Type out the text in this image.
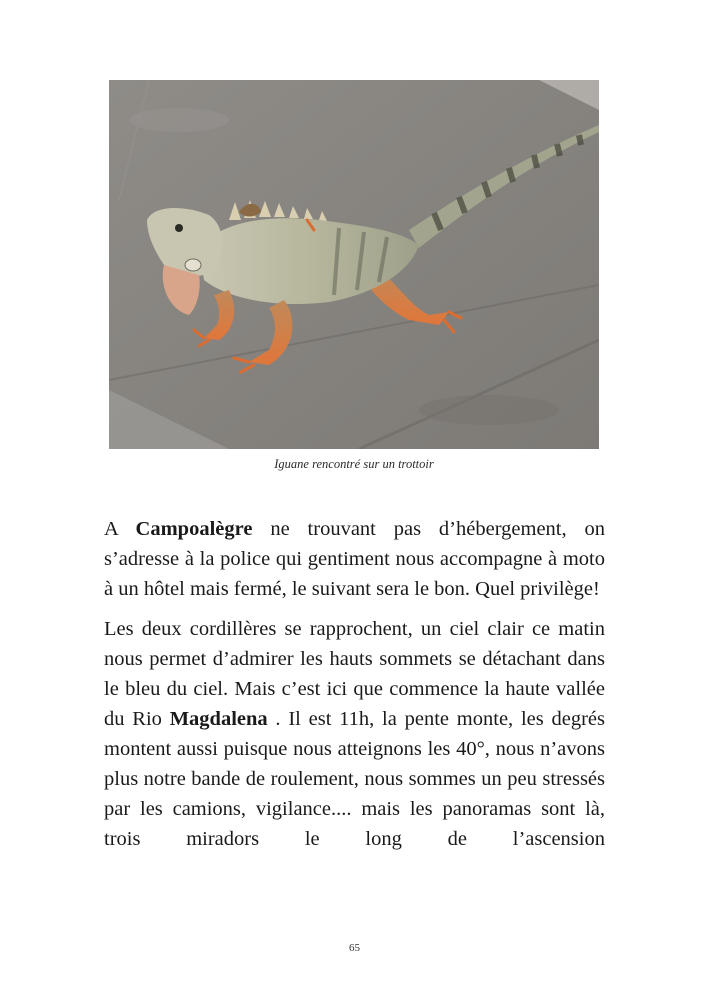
Iguane rencontré sur un trottoir

A Campoalègre ne trouvant pas d’hébergement, on s’adresse à la police qui gentiment nous accompagne à moto à un hôtel mais fermé, le suivant sera le bon. Quel privilège!

Les deux cordillères se rapprochent, un ciel clair ce matin nous permet d’admirer les hauts sommets se détachant dans le bleu du ciel. Mais c’est ici que commence la haute vallée du Rio Magdalena . Il est 11h, la pente monte, les degrés montent aussi puisque nous atteignons les 40°, nous n’avons plus notre bande de roulement, nous sommes un peu stressés par les camions, vigilance.... mais les panoramas sont là, trois miradors le long de l’ascension

65
